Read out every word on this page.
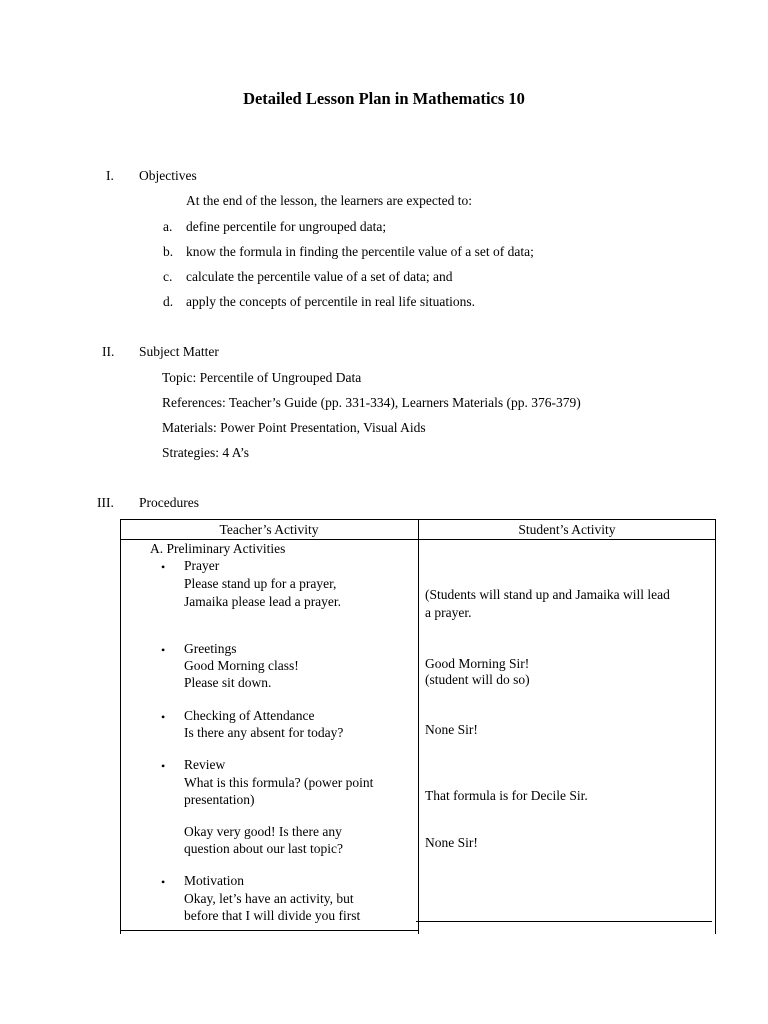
Detailed Lesson Plan in Mathematics 10
I. Objectives
At the end of the lesson, the learners are expected to:
a. define percentile for ungrouped data;
b. know the formula in finding the percentile value of a set of data;
c. calculate the percentile value of a set of data; and
d. apply the concepts of percentile in real life situations.
II. Subject Matter
Topic: Percentile of Ungrouped Data
References: Teacher’s Guide (pp. 331-334), Learners Materials (pp. 376-379)
Materials: Power Point Presentation, Visual Aids
Strategies: 4 A’s
III. Procedures
Teacher’s Activity	Student’s Activity
A. Preliminary Activities
• Prayer
Please stand up for a prayer,
Jamaika please lead a prayer.
• Greetings
Good Morning class!
Please sit down.
• Checking of Attendance
Is there any absent for today?
• Review
What is this formula? (power point
presentation)
Okay very good! Is there any
question about our last topic?
• Motivation
Okay, let’s have an activity, but
before that I will divide you first
(Students will stand up and Jamaika will lead
a prayer.
Good Morning Sir!
(student will do so)
None Sir!
That formula is for Decile Sir.
None Sir!
